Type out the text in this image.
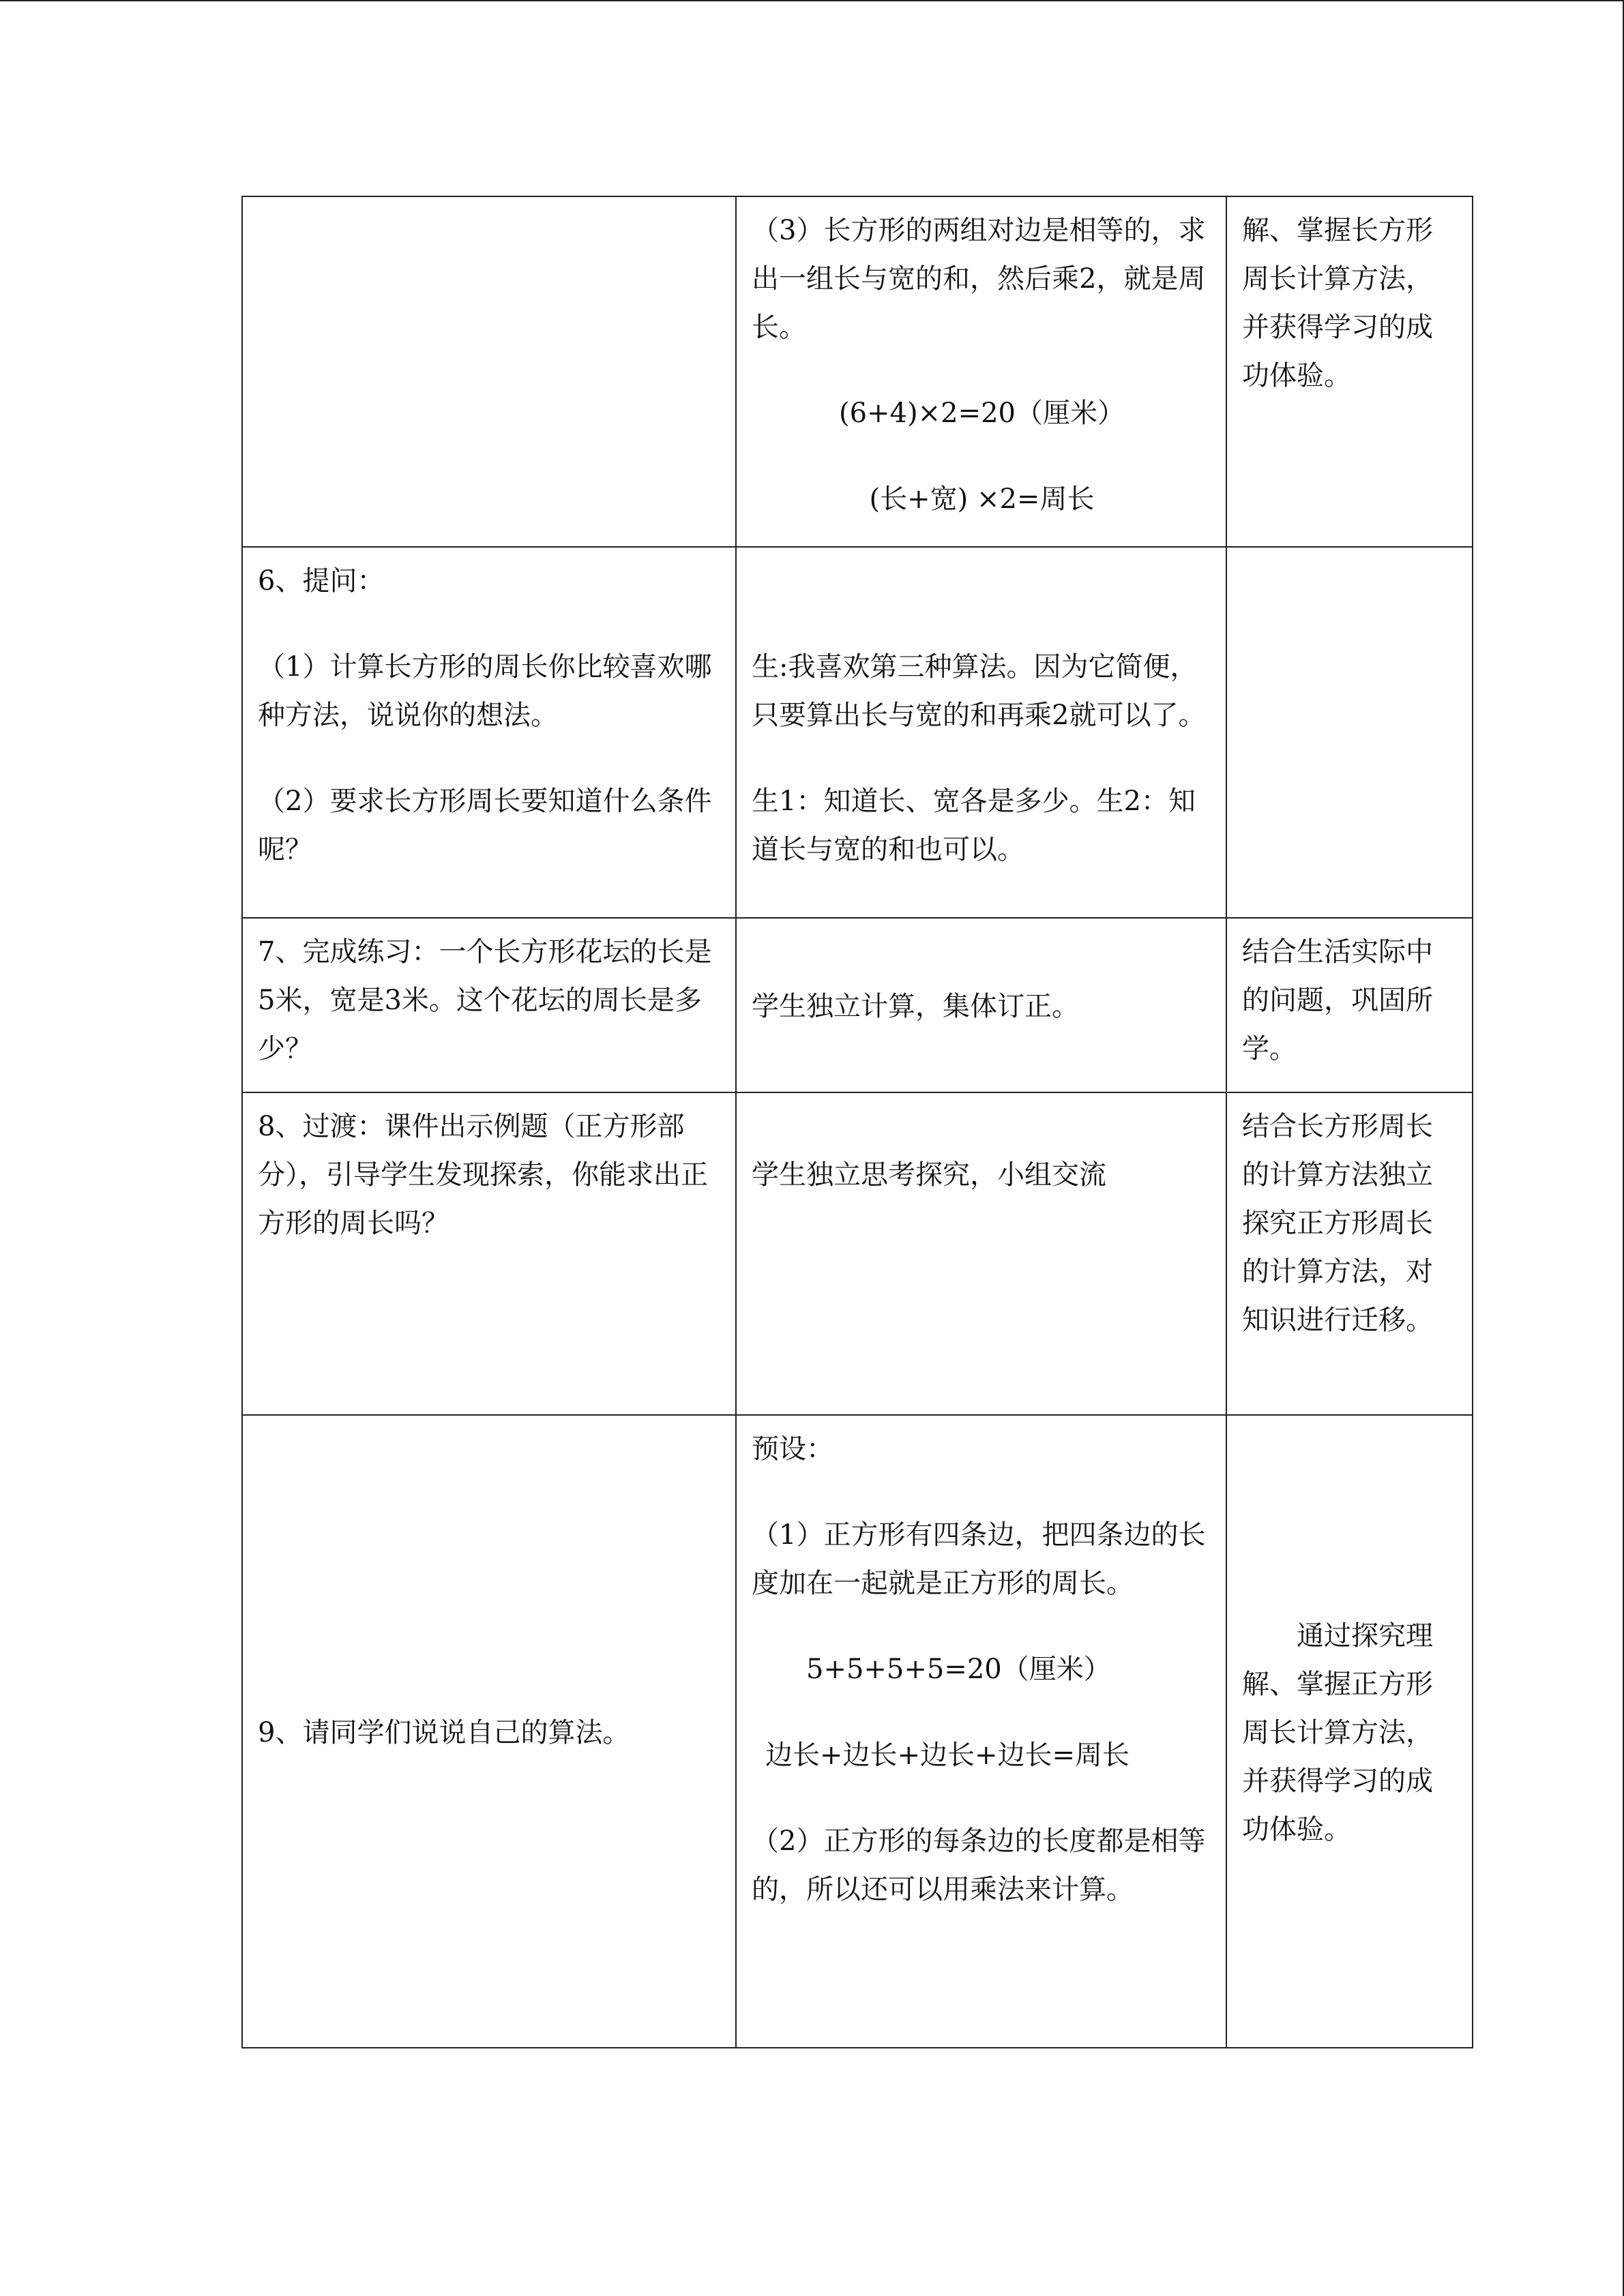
	（3）长方形的两组对边是相等的，求出一组长与宽的和，然后乘2，就是周长。
(6+4)×2=20（厘米）
(长+宽) ×2=周长	解、掌握长方形周长计算方法，并获得学习的成功体验。

6、提问：
（1）计算长方形的周长你比较喜欢哪种方法，说说你的想法。
（2）要求长方形周长要知道什么条件呢？	生:我喜欢第三种算法。因为它简便，只要算出长与宽的和再乘2就可以了。
生1：知道长、宽各是多少。生2：知道长与宽的和也可以。	

7、完成练习：一个长方形花坛的长是5米，宽是3米。这个花坛的周长是多少？	学生独立计算，集体订正。	结合生活实际中的问题，巩固所学。

8、过渡：课件出示例题（正方形部分），引导学生发现探索，你能求出正方形的周长吗？	学生独立思考探究，小组交流	结合长方形周长的计算方法独立探究正方形周长的计算方法，对知识进行迁移。

9、请同学们说说自己的算法。	预设：
（1）正方形有四条边，把四条边的长度加在一起就是正方形的周长。
5+5+5+5=20（厘米）
边长+边长+边长+边长=周长
（2）正方形的每条边的长度都是相等的，所以还可以用乘法来计算。	通过探究理解、掌握正方形周长计算方法，并获得学习的成功体验。
